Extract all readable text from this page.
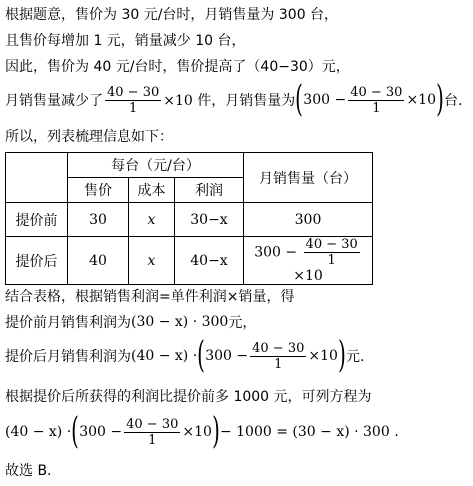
根据题意，售价为 30 元/台时，月销售量为 300 台，
且售价每增加 1 元，销量减少 10 台，
因此，售价为 40 元/台时，售价提高了（40−30）元，
月销售量减少了 $\frac{40 - 30}{1} \times 10$ 件，月销售量为 ( $300 - \frac{40 - 30}{1} \times 10$ ) 台.
所以，列表梳理信息如下：
	每台（元/台）			月销售量（台）
	售价	成本	利润	
提价前	30	x	30−x	300
提价后	40	x	40−x	$300 - \frac{40 - 30}{1}$
×10
结合表格，根据销售利润=单件利润×销量，得
提价前月销售利润为 (30 − x) · 300 元，
提价后月销售利润为 (40 − x) · ( $300 - \frac{40 - 30}{1} \times 10$ ) 元.
根据提价后所获得的利润比提价前多 1000 元，可列方程为
(40 − x) · ( $300 - \frac{40 - 30}{1} \times 10$ ) − 1000 = (30 − x) · 300 .
故选 B.
